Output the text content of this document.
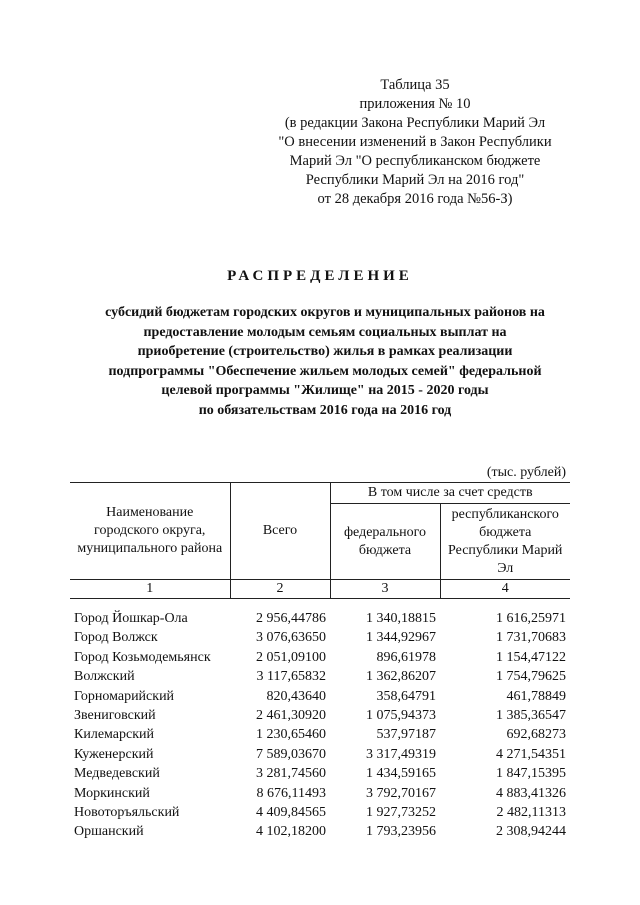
Таблица 35
приложения № 10
(в редакции Закона Республики Марий Эл
"О внесении изменений в Закон Республики
Марий Эл "О республиканском бюджете
Республики Марий Эл на 2016 год"
от 28 декабря 2016 года №56-З)
РАСПРЕДЕЛЕНИЕ
субсидий бюджетам городских округов и муниципальных районов на
предоставление молодым семьям социальных выплат на
приобретение (строительство) жилья в рамках реализации
подпрограммы "Обеспечение жильем молодых семей" федеральной
целевой программы "Жилище" на 2015 - 2020 годы
по обязательствам 2016 года на 2016 год
(тыс. рублей)
Наименование городского округа, муниципального района	Всего	В том числе за счет средств	
		федерального бюджета	республиканского бюджета Республики Марий Эл
1	2	3	4
Город Йошкар-Ола	2 956,44786	1 340,18815	1 616,25971
Город Волжск	3 076,63650	1 344,92967	1 731,70683
Город Козьмодемьянск	2 051,09100	896,61978	1 154,47122
Волжский	3 117,65832	1 362,86207	1 754,79625
Горномарийский	820,43640	358,64791	461,78849
Звениговский	2 461,30920	1 075,94373	1 385,36547
Килемарский	1 230,65460	537,97187	692,68273
Куженерский	7 589,03670	3 317,49319	4 271,54351
Медведевский	3 281,74560	1 434,59165	1 847,15395
Моркинский	8 676,11493	3 792,70167	4 883,41326
Новоторъяльский	4 409,84565	1 927,73252	2 482,11313
Оршанский	4 102,18200	1 793,23956	2 308,94244
